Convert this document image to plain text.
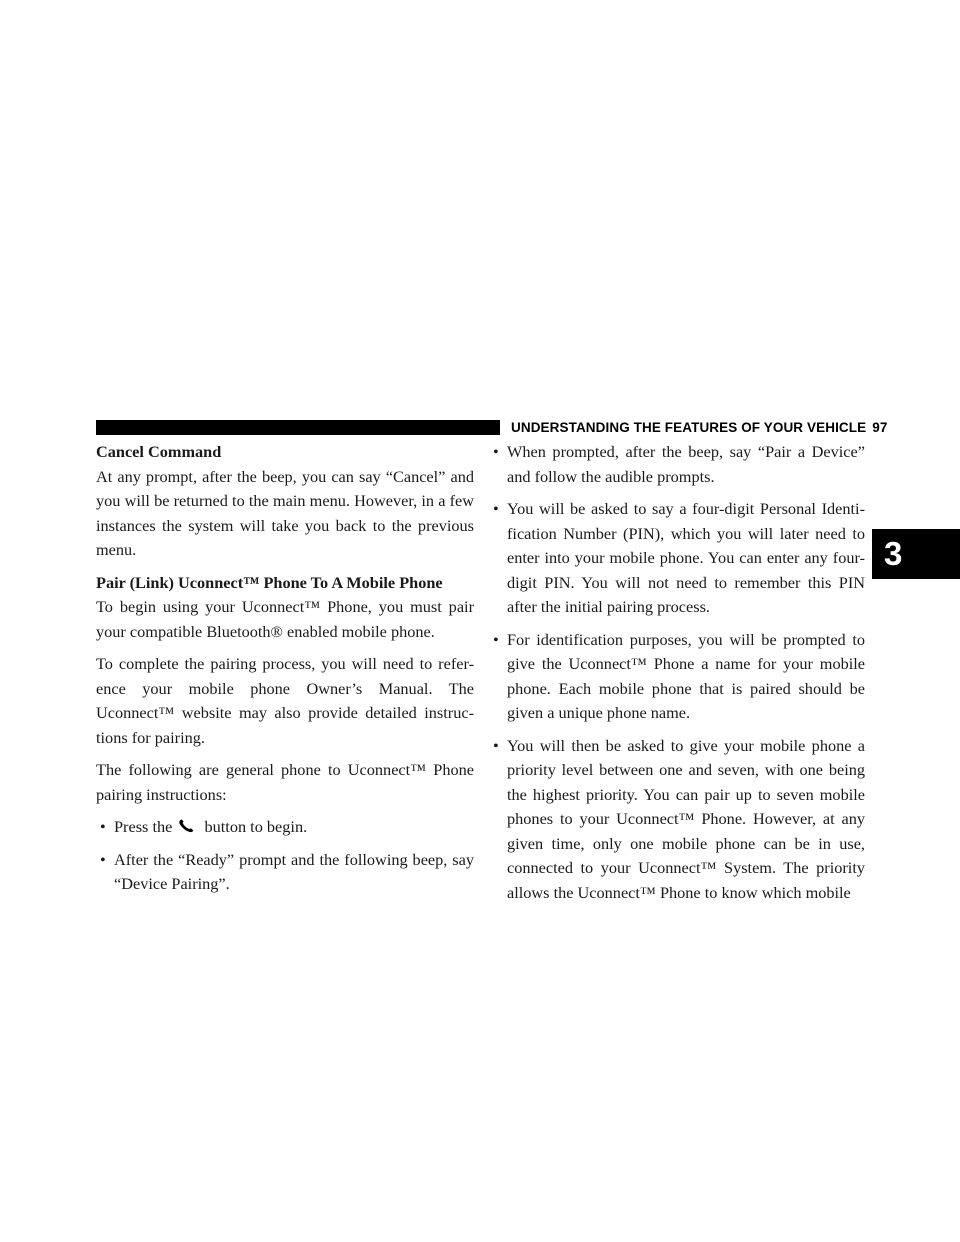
UNDERSTANDING THE FEATURES OF YOUR VEHICLE 97
3
Cancel Command

At any prompt, after the beep, you can say “Cancel” and you will be returned to the main menu. However, in a few instances the system will take you back to the previous menu.

Pair (Link) Uconnect™ Phone To A Mobile Phone

To begin using your Uconnect™ Phone, you must pair your compatible Bluetooth® enabled mobile phone.

To complete the pairing process, you will need to refer- ence your mobile phone Owner’s Manual. The Uconnect™ website may also provide detailed instruc- tions for pairing.

The following are general phone to Uconnect™ Phone pairing instructions:

• Press the button to begin.
• After the “Ready” prompt and the following beep, say “Device Pairing”.
• When prompted, after the beep, say “Pair a Device” and follow the audible prompts.
• You will be asked to say a four-digit Personal Identi- fication Number (PIN), which you will later need to enter into your mobile phone. You can enter any four-digit PIN. You will not need to remember this PIN after the initial pairing process.
• For identification purposes, you will be prompted to give the Uconnect™ Phone a name for your mobile phone. Each mobile phone that is paired should be given a unique phone name.
• You will then be asked to give your mobile phone a priority level between one and seven, with one being the highest priority. You can pair up to seven mobile phones to your Uconnect™ Phone. However, at any given time, only one mobile phone can be in use, connected to your Uconnect™ System. The priority allows the Uconnect™ Phone to know which mobile
